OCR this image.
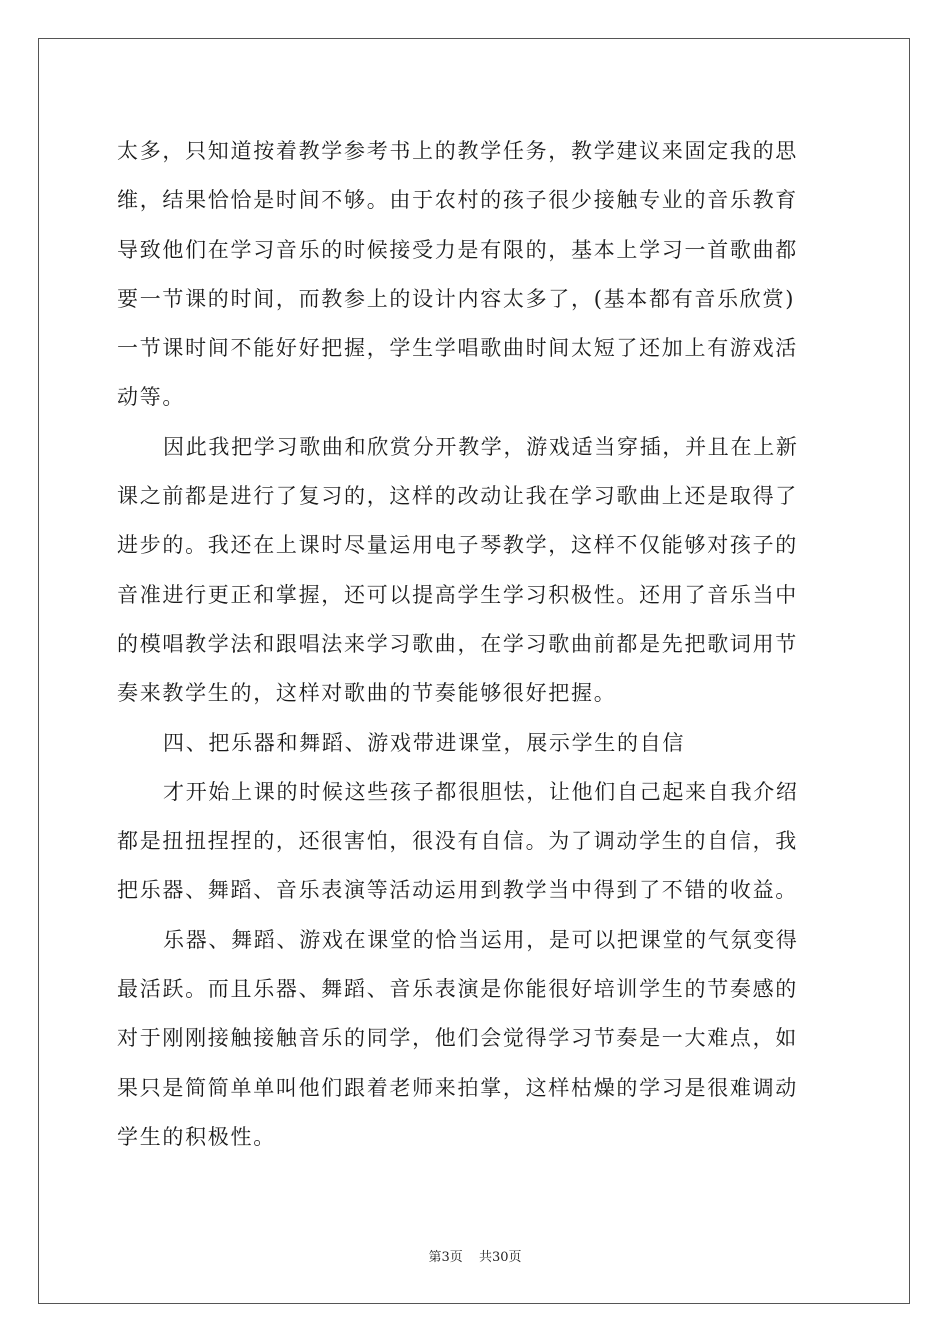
太多，只知道按着教学参考书上的教学任务，教学建议来固定我的思
维，结果恰恰是时间不够。由于农村的孩子很少接触专业的音乐教育
导致他们在学习音乐的时候接受力是有限的，基本上学习一首歌曲都
要一节课的时间，而教参上的设计内容太多了，(基本都有音乐欣赏)
一节课时间不能好好把握，学生学唱歌曲时间太短了还加上有游戏活
动等。
因此我把学习歌曲和欣赏分开教学，游戏适当穿插，并且在上新
课之前都是进行了复习的，这样的改动让我在学习歌曲上还是取得了
进步的。我还在上课时尽量运用电子琴教学，这样不仅能够对孩子的
音准进行更正和掌握，还可以提高学生学习积极性。还用了音乐当中
的模唱教学法和跟唱法来学习歌曲，在学习歌曲前都是先把歌词用节
奏来教学生的，这样对歌曲的节奏能够很好把握。
四、把乐器和舞蹈、游戏带进课堂，展示学生的自信
才开始上课的时候这些孩子都很胆怯，让他们自己起来自我介绍
都是扭扭捏捏的，还很害怕，很没有自信。为了调动学生的自信，我
把乐器、舞蹈、音乐表演等活动运用到教学当中得到了不错的收益。
乐器、舞蹈、游戏在课堂的恰当运用，是可以把课堂的气氛变得
最活跃。而且乐器、舞蹈、音乐表演是你能很好培训学生的节奏感的
对于刚刚接触接触音乐的同学，他们会觉得学习节奏是一大难点，如
果只是简简单单叫他们跟着老师来拍掌，这样枯燥的学习是很难调动
学生的积极性。
第3页 共30页
